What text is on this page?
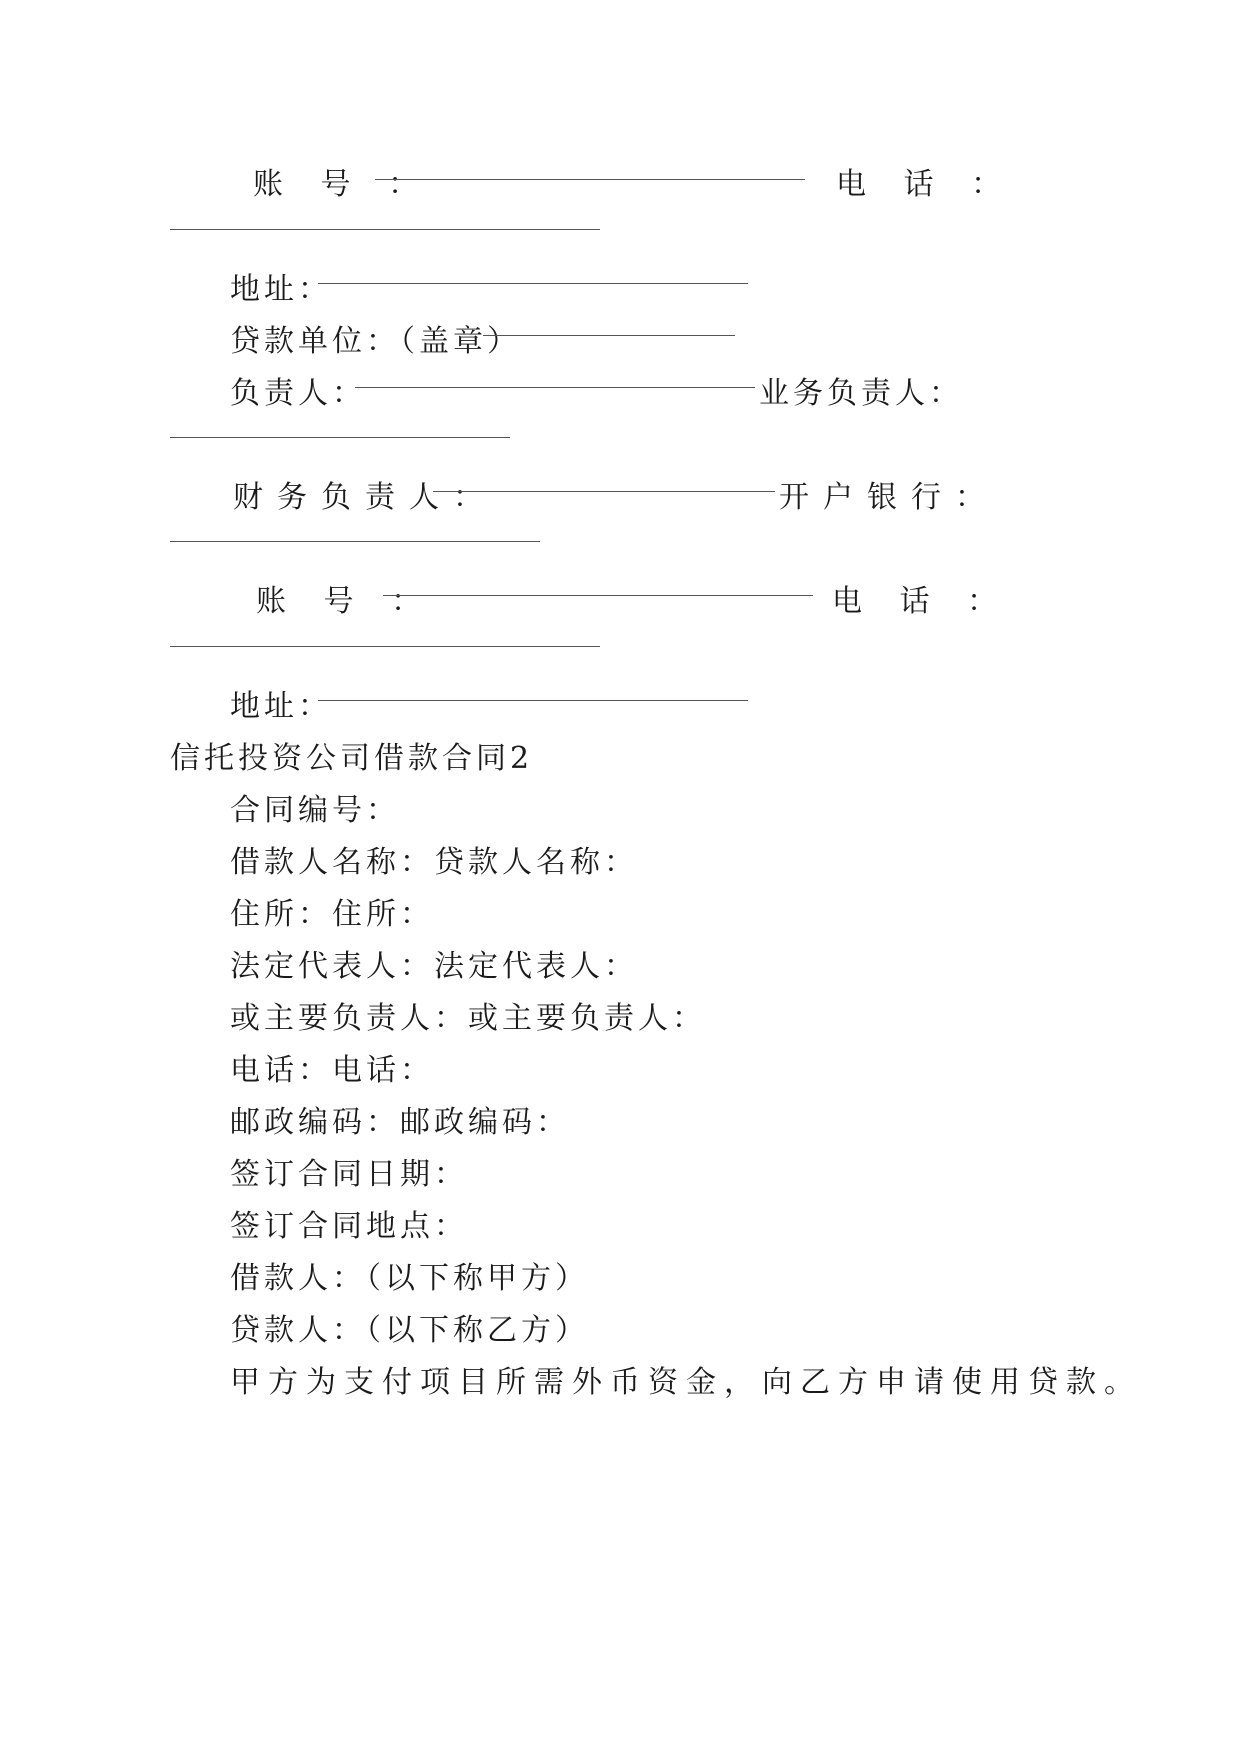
账 号 ：	电 话 ：
地址：
贷款单位：（盖章）
负责人：	业务负责人：
财务负责人：	开户银行：
账 号 ：	电 话 ：
地址：
信托投资公司借款合同2
合同编号：
借款人名称：贷款人名称：
住所：住所：
法定代表人：法定代表人：
或主要负责人：或主要负责人：
电话：电话：
邮政编码：邮政编码：
签订合同日期：
签订合同地点：
借款人：（以下称甲方）
贷款人：（以下称乙方）
甲方为支付项目所需外币资金，向乙方申请使用贷款。
